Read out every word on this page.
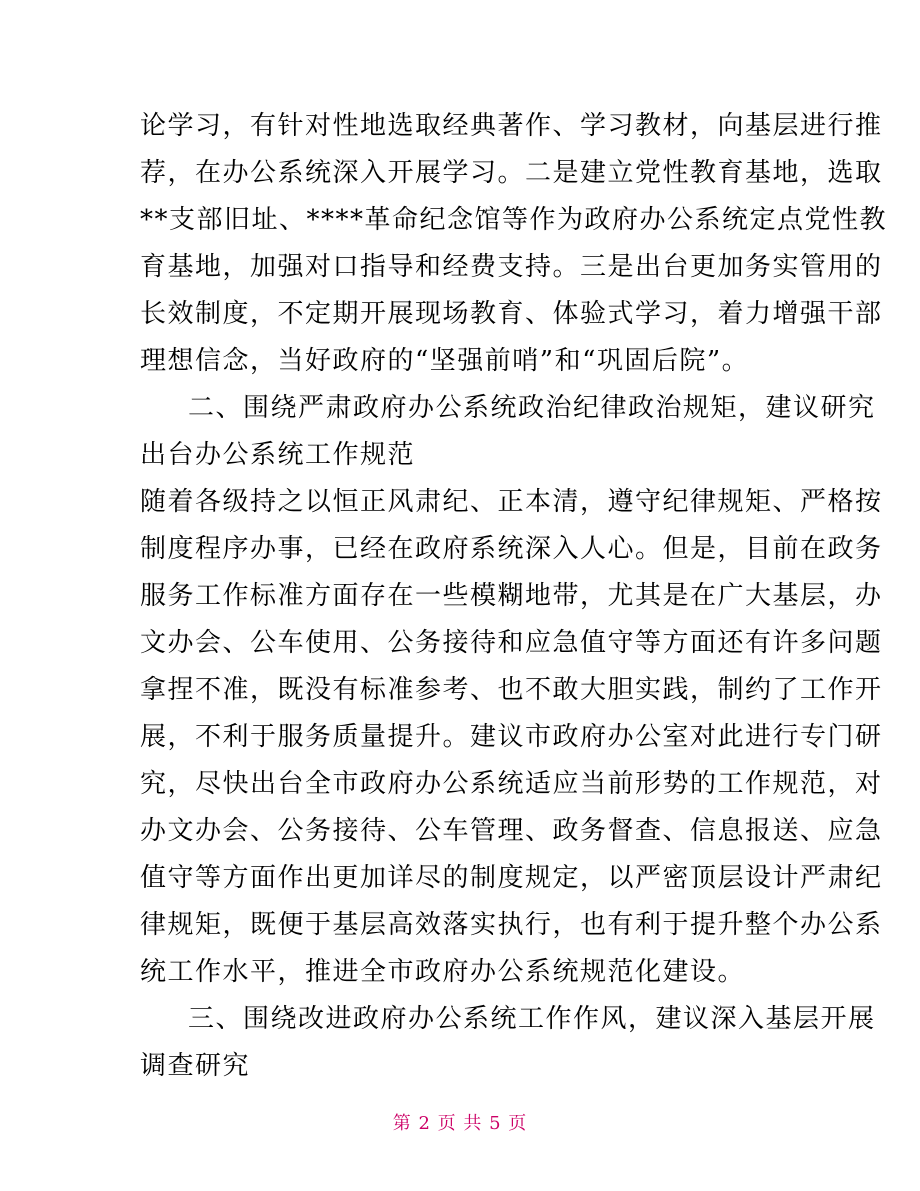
论学习，有针对性地选取经典著作、学习教材，向基层进行推
荐，在办公系统深入开展学习。二是建立党性教育基地，选取
**支部旧址、****革命纪念馆等作为政府办公系统定点党性教
育基地，加强对口指导和经费支持。三是出台更加务实管用的
长效制度，不定期开展现场教育、体验式学习，着力增强干部
理想信念，当好政府的“坚强前哨”和“巩固后院”。
二、围绕严肃政府办公系统政治纪律政治规矩，建议研究
出台办公系统工作规范
随着各级持之以恒正风肃纪、正本清，遵守纪律规矩、严格按
制度程序办事，已经在政府系统深入人心。但是，目前在政务
服务工作标准方面存在一些模糊地带，尤其是在广大基层，办
文办会、公车使用、公务接待和应急值守等方面还有许多问题
拿捏不准，既没有标准参考、也不敢大胆实践，制约了工作开
展，不利于服务质量提升。建议市政府办公室对此进行专门研
究，尽快出台全市政府办公系统适应当前形势的工作规范，对
办文办会、公务接待、公车管理、政务督查、信息报送、应急
值守等方面作出更加详尽的制度规定，以严密顶层设计严肃纪
律规矩，既便于基层高效落实执行，也有利于提升整个办公系
统工作水平，推进全市政府办公系统规范化建设。
三、围绕改进政府办公系统工作作风，建议深入基层开展
调查研究
第 2 页 共 5 页
